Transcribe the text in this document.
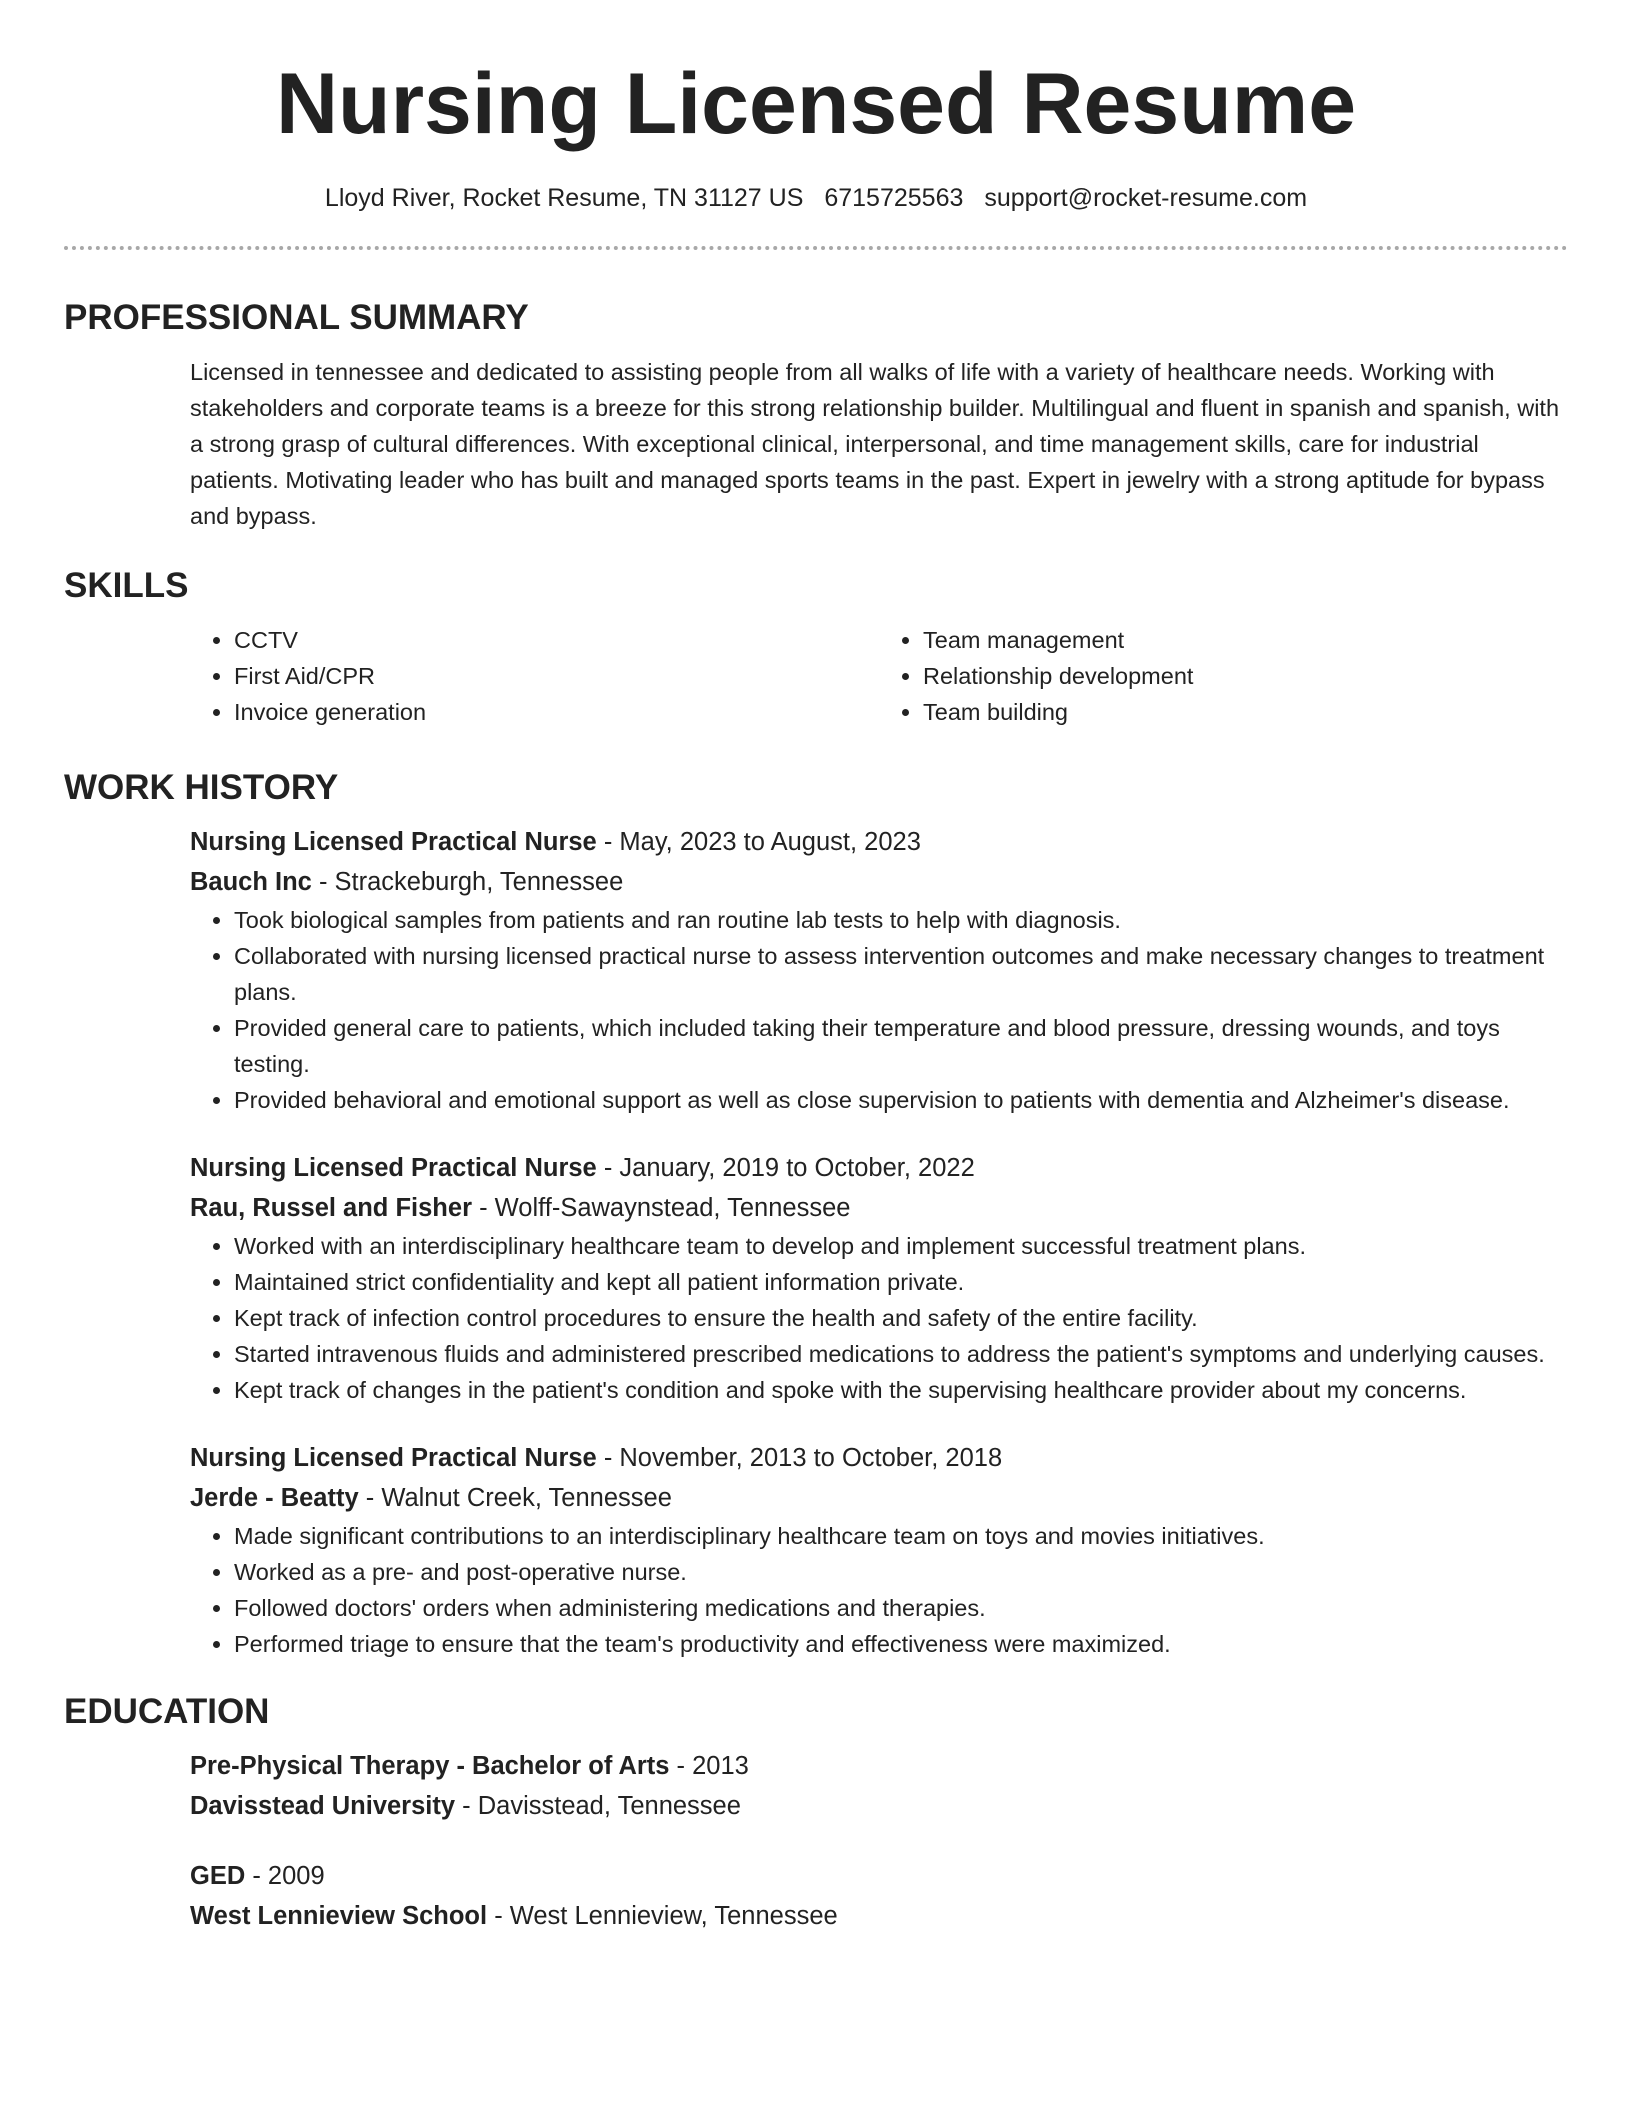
Nursing Licensed Resume
Lloyd River, Rocket Resume, TN 31127 US 6715725563 support@rocket-resume.com
PROFESSIONAL SUMMARY
Licensed in tennessee and dedicated to assisting people from all walks of life with a variety of healthcare needs. Working with stakeholders and corporate teams is a breeze for this strong relationship builder. Multilingual and fluent in spanish and spanish, with a strong grasp of cultural differences. With exceptional clinical, interpersonal, and time management skills, care for industrial patients. Motivating leader who has built and managed sports teams in the past. Expert in jewelry with a strong aptitude for bypass and bypass.
SKILLS
• CCTV
• First Aid/CPR
• Invoice generation
• Team management
• Relationship development
• Team building
WORK HISTORY
Nursing Licensed Practical Nurse - May, 2023 to August, 2023
Bauch Inc - Strackeburgh, Tennessee
• Took biological samples from patients and ran routine lab tests to help with diagnosis.
• Collaborated with nursing licensed practical nurse to assess intervention outcomes and make necessary changes to treatment plans.
• Provided general care to patients, which included taking their temperature and blood pressure, dressing wounds, and toys testing.
• Provided behavioral and emotional support as well as close supervision to patients with dementia and Alzheimer's disease.
Nursing Licensed Practical Nurse - January, 2019 to October, 2022
Rau, Russel and Fisher - Wolff-Sawaynstead, Tennessee
• Worked with an interdisciplinary healthcare team to develop and implement successful treatment plans.
• Maintained strict confidentiality and kept all patient information private.
• Kept track of infection control procedures to ensure the health and safety of the entire facility.
• Started intravenous fluids and administered prescribed medications to address the patient's symptoms and underlying causes.
• Kept track of changes in the patient's condition and spoke with the supervising healthcare provider about my concerns.
Nursing Licensed Practical Nurse - November, 2013 to October, 2018
Jerde - Beatty - Walnut Creek, Tennessee
• Made significant contributions to an interdisciplinary healthcare team on toys and movies initiatives.
• Worked as a pre- and post-operative nurse.
• Followed doctors' orders when administering medications and therapies.
• Performed triage to ensure that the team's productivity and effectiveness were maximized.
EDUCATION
Pre-Physical Therapy - Bachelor of Arts - 2013
Davisstead University - Davisstead, Tennessee
GED - 2009
West Lennieview School - West Lennieview, Tennessee
